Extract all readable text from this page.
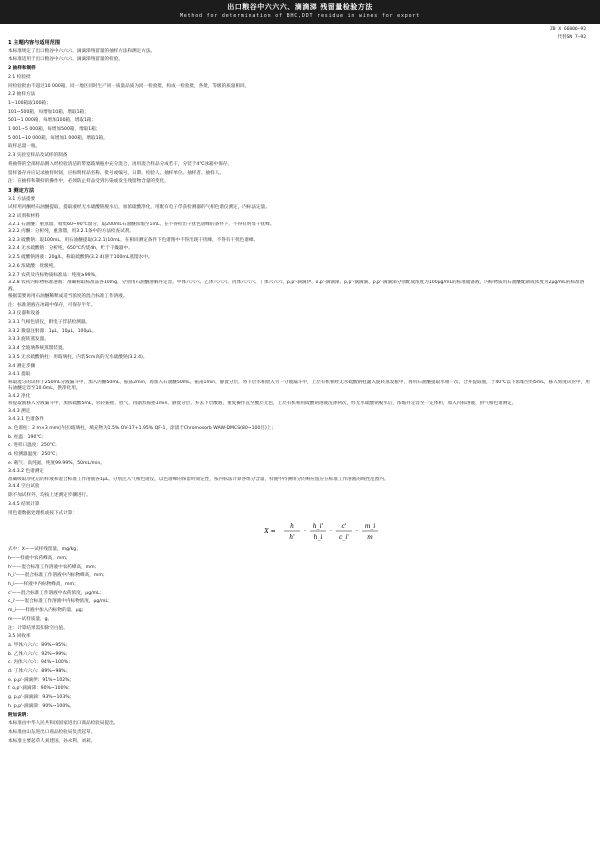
出口粮谷中六六六、滴滴涕 残留量检验方法
Method for determination of BHC,DDT residue in wines for export
ZB X 66006—92
代替SN 7—92
1 主题内容与适用范围
本标准规定了出口粮谷中六六六、滴滴涕残留量的抽样方法和测定方法。
本标准适用于出口粮谷中六六六、滴滴涕残留量的检验。
2 抽样和制样
2.1 检验批
同检验批由不超过10 000箱，同一地区同时生产同一质量品质为同一检验批，构成一检验批，各批，等级的质量相同。
2.2 抽样方法
1~100箱取100箱；
101~500箱，每增加10箱，增取1箱；
501~1 000箱，每增加100箱，增取1箱；
1 001~5 000箱，每增加500箱，增取1箱；
5 001~10 000箱，每增加1 000箱，增取1箱。
取样总量一瓶。
2.3 实验室样品及试样的制备
将抽得的全部样品倒入经检验清洁的带塞玻璃瓶中充分混合，再用混合样品分成若干，分装于4℃冰箱中保存。
留样备存并应记录抽样时间，应标明样品名称、批号或编号、日期、检验人、抽样单位、抽样者、抽样人。
注：在抽样和制样的操作中，必须防止样品受到污染或发生残留物含量的变化。
3 测定方法
3.1 方法提要
试样用丙酮经石油醚提取，提取液经无水硫酸钠脱水后，加浓硫酸净化，用配有电子俘获检测器的气相色谱仪测定，内标法定量。
3.2 试剂和材料
3.2.1 石油醚：重蒸馏，收集60~90℃馏分，取200mL石油醚浓缩至1mL，在不得检出干扰色谱峰的条件下，不得有明显干扰峰。
3.2.2 丙酮：分析纯，重蒸馏，用3.2.1条中的方法检查试剂。
3.2.3 硫酸钠：取100mL，用石油醚提取(3.2.1)10mL，在相同测定条件下色谱图中不得出现干扰峰，不得有干扰色谱峰。
3.2.4 无水硫酸钠：分析纯，650℃灼烧4h，贮于干燥器中。
3.2.5 硫酸钠溶液：20g/L，称取硫酸钠(3.2.4)溶于100mL蒸馏水中。
3.2.6 浓硫酸：优级纯。
3.2.7 农药及内标物质标准品：纯度≥99%。
3.2.8 农药内标物标准溶液：准确称取标准品各10mg，分别用石油醚溶解并定容。甲体六六六、乙体六六六、丙体六六六、丁体六六六、p,p'-滴滴伊、o,p'-滴滴涕、p,p'-滴滴滴、p,p'-滴滴涕分别配成浓度为100μg/mL的标准储备液，内标物质用石油醚配制成浓度为2μg/mL的标准溶液。
根据需要再用石油醚稀释成适当浓度的混合标准工作溶液。
注：标准溶液在冰箱中保存，可保存半年。
3.3 仪器和设备
3.3.1 气相色谱仪，附电子俘获检测器。
3.3.2 微量注射器：1μL，10μL，100μL。
3.3.3 旋转蒸发器。
3.3.4 全玻璃系统蒸馏装置。
3.3.5 无水硫酸钠柱：用玻璃柱，内装5cm高的无水硫酸钠(3.2.4)。
3.4 测定步骤
3.4.1 提取
称取混匀的试样于250mL分液漏斗中，加入丙酮50mL，振荡2min，再加入石油醚50mL，振荡1min，静置分层，将下层水相放入另一分液漏斗中，上层有机相经无水硫酸钠柱滤入旋转蒸发瓶中，再用石油醚提取水相一次，合并提取液，于40℃以下浓缩至约5mL，移入刻度试管中，用石油醚定容至10.0mL，供净化用。
3.4.2 净化
将提取液移入分液漏斗中，加浓硫酸5mL，轻轻振摇，放气，再剧烈振摇1min，静置分层，弃去下层酸液，重复操作直至酸层无色，上层有机相用硫酸钠溶液洗涤两次，经无水硫酸钠脱水后，浓缩并定容至一定体积，加入内标溶液，供气相色谱测定。
3.4.3 测定
3.4.3.1 色谱条件
a. 色谱柱：2 m×3 mm(内径)玻璃柱，填充物为1.5% OV-17+1.95% QF-1，涂渍于Chromosorb WAW-DMCS(80~100目)上；
b. 柱温：190℃；
c. 进样口温度：250℃；
d. 检测器温度：250℃；
e. 载气：高纯氮，纯度99.99%，50mL/min。
3.4.3.2 色谱测定
准确吸取净化后的样液和混合标准工作溶液各1μL，分别注入气相色谱仪，以色谱峰的保留时间定性，按内标法计算各组分含量，样液中待测组分的响应值应在标准工作溶液的线性范围内。
3.4.4 空白试验
除不加试样外，均按上述测定步骤进行。
3.4.5 结果计算
用色谱数据处理机或按下式计算：
X =
h
h'
·
h_i'
h_i
·
c'
c_i'
·
m_i
m
式中：X——试样残留量，mg/kg；
h——样液中农药峰高，mm；
h'——混合标准工作溶液中农药峰高，mm；
h_i'——混合标准工作溶液中内标物峰高，mm；
h_i——样液中内标物峰高，mm；
c'——混合标准工作溶液中农药浓度，μg/mL；
c_i'——混合标准工作溶液中内标物浓度，μg/mL；
m_i——样液中加入内标物的量，μg；
m——试样质量，g。
注：计算结果需扣除空白值。
3.5 回收率
a. 甲体六六六：89%~95%；
b. 乙体六六六：92%~99%；
c. 丙体六六六：94%~100%；
d. 丁体六六六：89%~98%；
e. p,p'-滴滴伊：91%~102%；
f. o,p'-滴滴涕：90%~100%；
g. p,p'-滴滴滴：93%~103%；
h. p,p'-滴滴涕：90%~100%。
附加说明：
本标准由中华人民共和国国家进出口商品检验局提出。
本标准由山东进出口商品检验局负责起草。
本标准主要起草人刘建国、孙永利、刘莉。
